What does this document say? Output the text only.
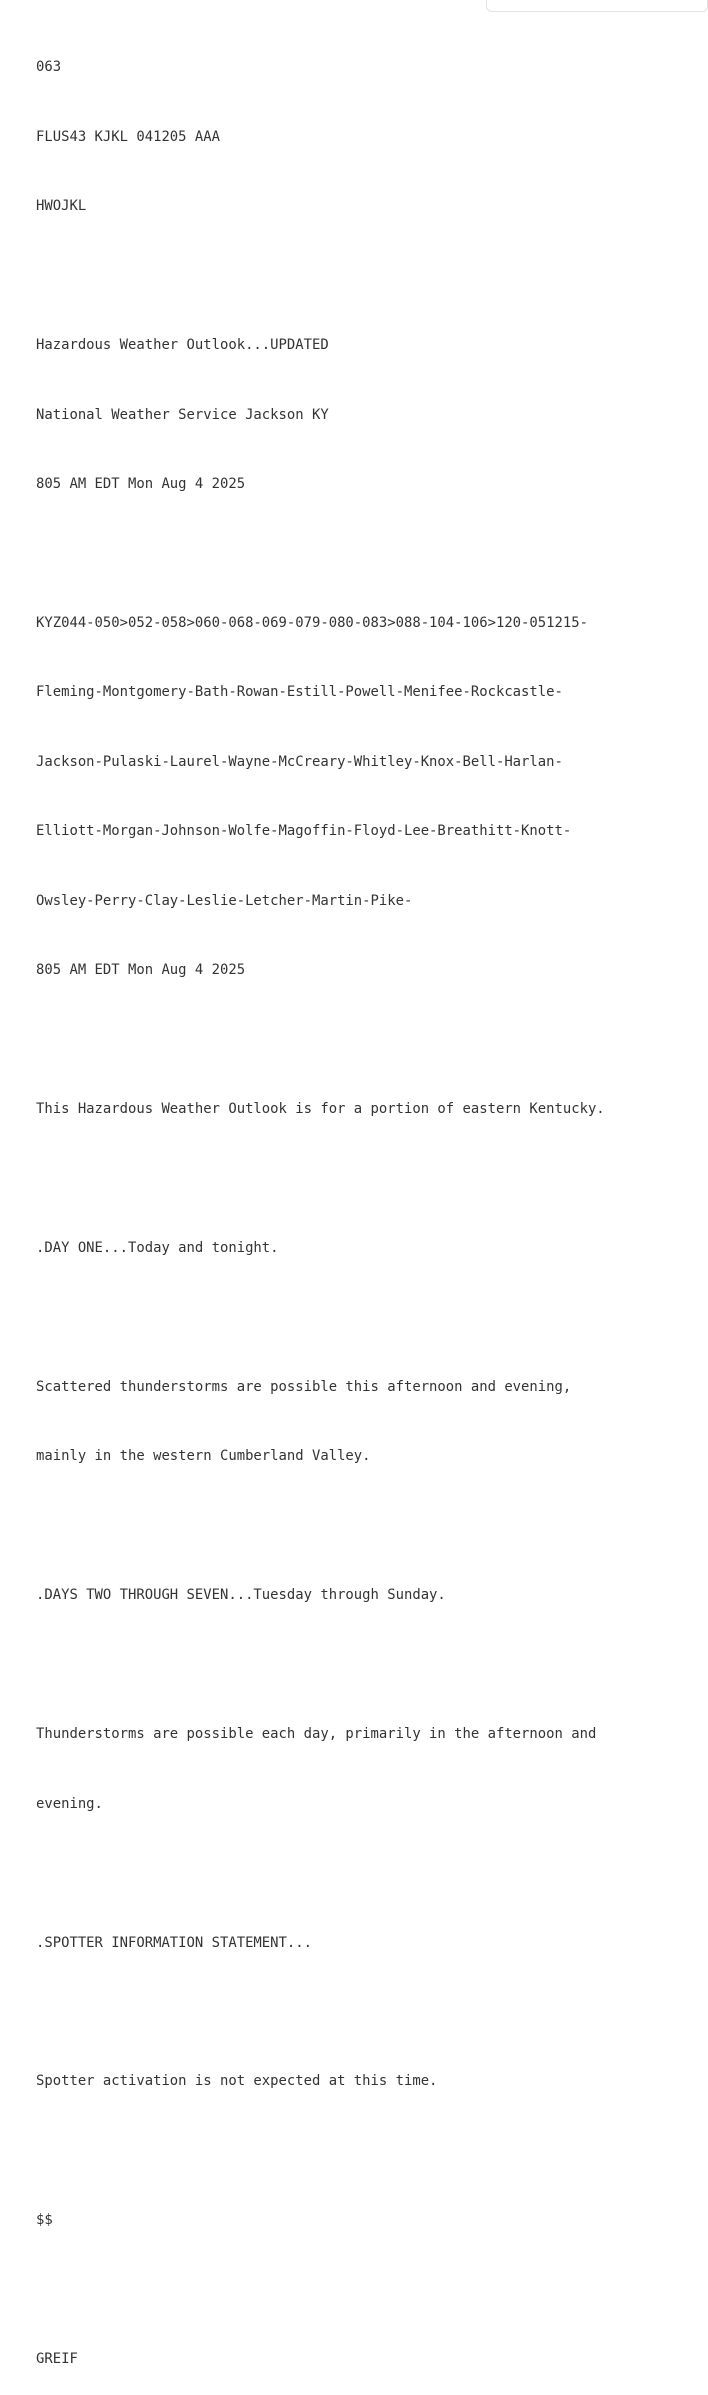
063

FLUS43 KJKL 041205 AAA

HWOJKL

Hazardous Weather Outlook...UPDATED

National Weather Service Jackson KY

805 AM EDT Mon Aug 4 2025

KYZ044-050>052-058>060-068-069-079-080-083>088-104-106>120-051215-

Fleming-Montgomery-Bath-Rowan-Estill-Powell-Menifee-Rockcastle-

Jackson-Pulaski-Laurel-Wayne-McCreary-Whitley-Knox-Bell-Harlan-

Elliott-Morgan-Johnson-Wolfe-Magoffin-Floyd-Lee-Breathitt-Knott-

Owsley-Perry-Clay-Leslie-Letcher-Martin-Pike-

805 AM EDT Mon Aug 4 2025

This Hazardous Weather Outlook is for a portion of eastern Kentucky.

.DAY ONE...Today and tonight.

Scattered thunderstorms are possible this afternoon and evening,

mainly in the western Cumberland Valley.

.DAYS TWO THROUGH SEVEN...Tuesday through Sunday.

Thunderstorms are possible each day, primarily in the afternoon and

evening.

.SPOTTER INFORMATION STATEMENT...

Spotter activation is not expected at this time.

$$

GREIF
